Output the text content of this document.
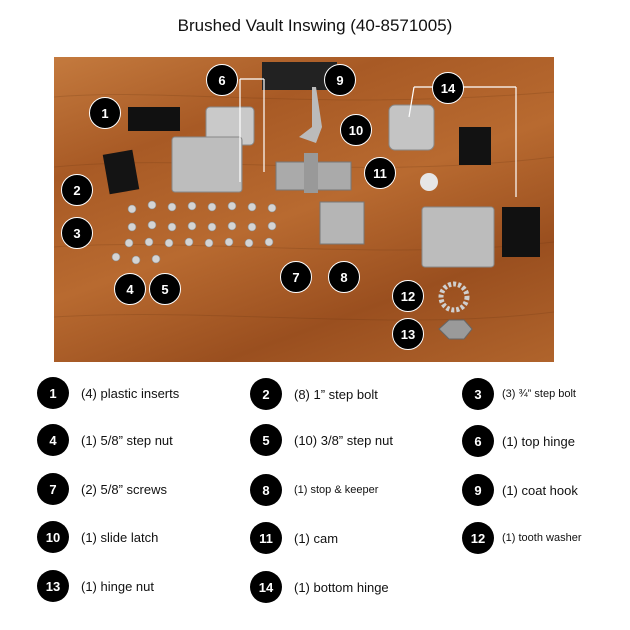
Brushed Vault Inswing (40-8571005)
1
2
3
4	5
6
7	8
9
10
11
12
13
14
1	(4) plastic inserts	2	(8) 1” step bolt	3	(3) ¾” step bolt
4	(1) 5/8” step nut	5	(10) 3/8” step nut	6	(1) top hinge
7	(2) 5/8” screws	8	(1) stop & keeper	9	(1) coat hook
10	(1) slide latch	11	(1) cam	12	(1) tooth washer
13	(1) hinge nut	14	(1) bottom hinge
